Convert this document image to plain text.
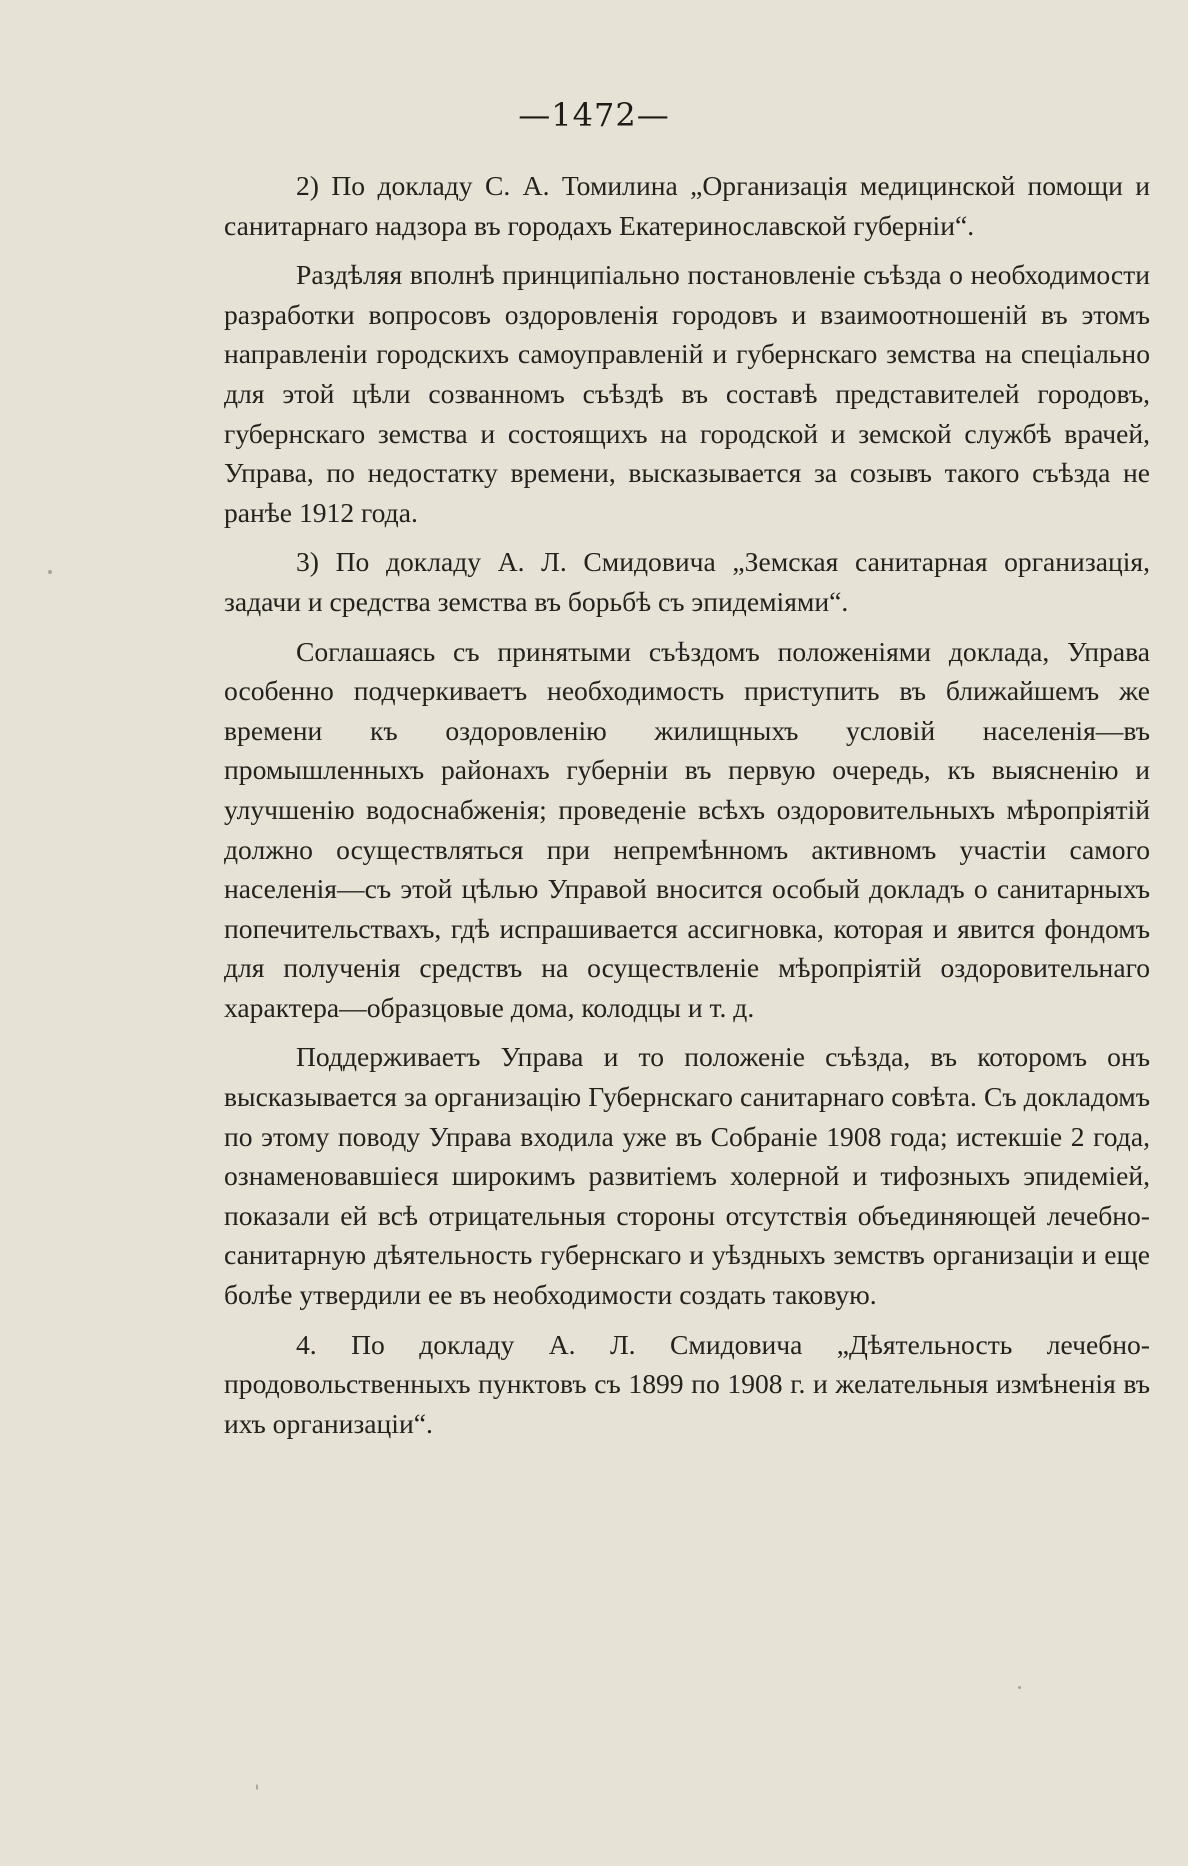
—1472—

2) По докладу С. А. Томилина „Организація медицинской помощи и санитарнаго надзора въ городахъ Екатеринославской губерніи“.

Раздѣляя вполнѣ принципіально постановленіе съѣзда о необходимости разработки вопросовъ оздоровленія городовъ и взаимоотношеній въ этомъ направленіи городскихъ самоуправленій и губернскаго земства на спеціально для этой цѣли созванномъ съѣздѣ въ составѣ представителей городовъ, губернскаго земства и состоящихъ на городской и земской службѣ врачей, Управа, по недостатку времени, высказывается за созывъ такого съѣзда не ранѣе 1912 года.

3) По докладу А. Л. Смидовича „Земская санитарная организація, задачи и средства земства въ борьбѣ съ эпидеміями“.

Соглашаясь съ принятыми съѣздомъ положеніями доклада, Управа особенно подчеркиваетъ необходимость приступить въ ближайшемъ же времени къ оздоровленію жилищныхъ условій населенія—въ промышленныхъ районахъ губерніи въ первую очередь, къ выясненію и улучшенію водоснабженія; проведеніе всѣхъ оздоровительныхъ мѣропріятій должно осуществляться при непремѣнномъ активномъ участіи самого населенія—съ этой цѣлью Управой вносится особый докладъ о санитарныхъ попечительствахъ, гдѣ испрашивается ассигновка, которая и явится фондомъ для полученія средствъ на осуществленіе мѣропріятій оздоровительнаго характера—образцовые дома, колодцы и т. д.

Поддерживаетъ Управа и то положеніе съѣзда, въ которомъ онъ высказывается за организацію Губернскаго санитарнаго совѣта. Съ докладомъ по этому поводу Управа входила уже въ Собраніе 1908 года; истекшіе 2 года, ознаменовавшіеся широкимъ развитіемъ холерной и тифозныхъ эпидеміей, показали ей всѣ отрицательныя стороны отсутствія объединяющей лечебно-санитарную дѣятельность губернскаго и уѣздныхъ земствъ организаціи и еще болѣе утвердили ее въ необходимости создать таковую.

4. По докладу А. Л. Смидовича „Дѣятельность лечебно-продовольственныхъ пунктовъ съ 1899 по 1908 г. и желательныя измѣненія въ ихъ организаціи“.
